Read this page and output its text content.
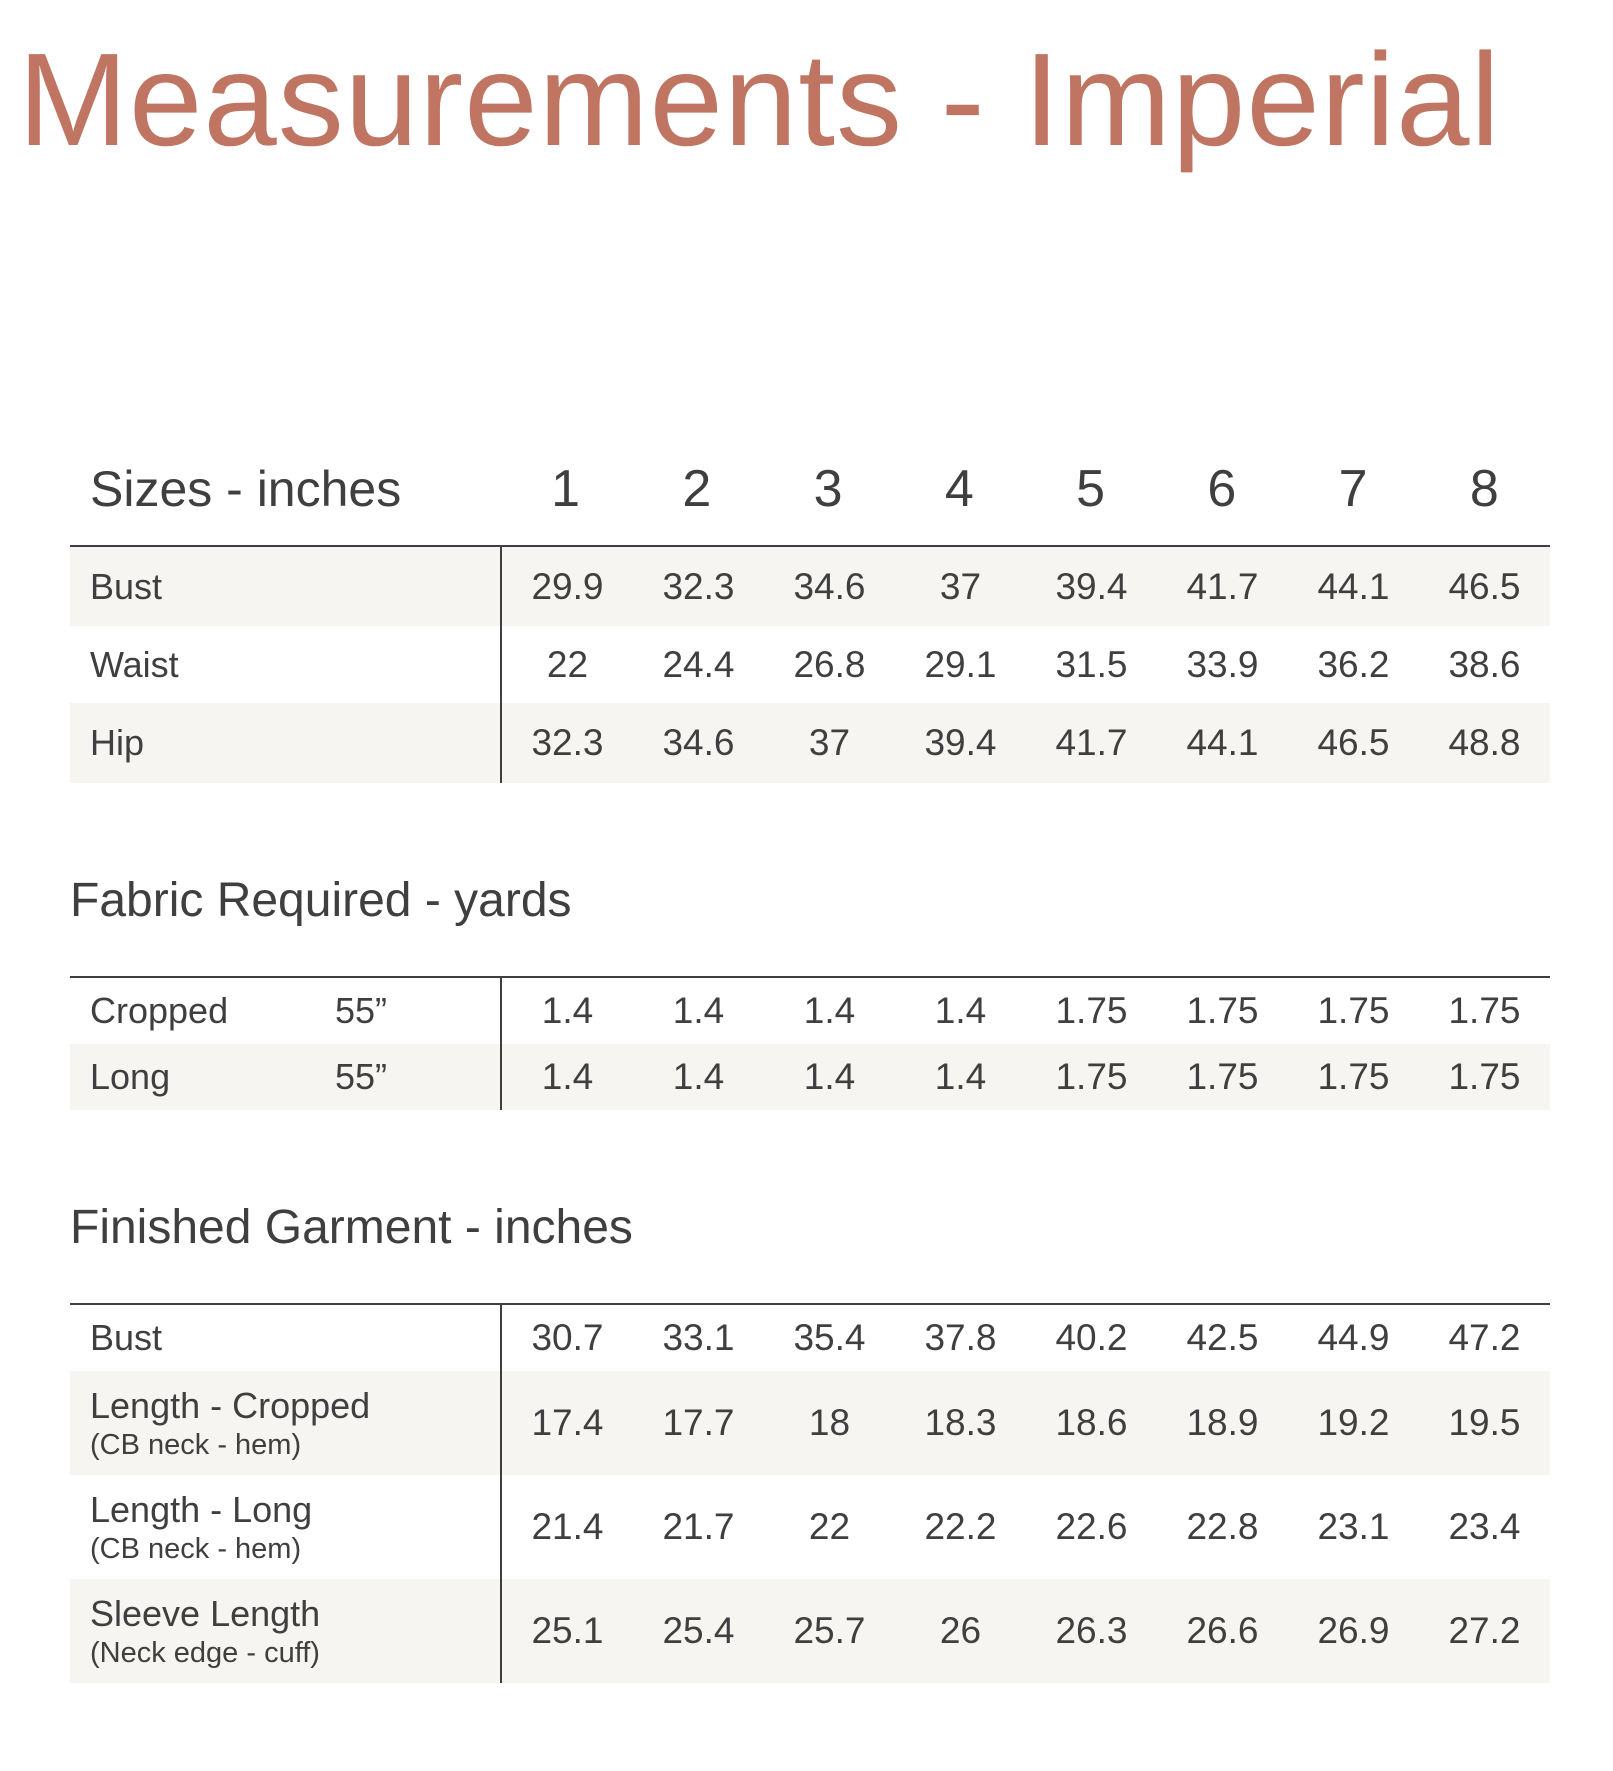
Measurements - Imperial
Sizes - inches	1	2	3	4	5	6	7	8
Bust	29.9	32.3	34.6	37	39.4	41.7	44.1	46.5
Waist	22	24.4	26.8	29.1	31.5	33.9	36.2	38.6
Hip	32.3	34.6	37	39.4	41.7	44.1	46.5	48.8
Fabric Required - yards
Cropped	55”	1.4	1.4	1.4	1.4	1.75	1.75	1.75	1.75
Long	55”	1.4	1.4	1.4	1.4	1.75	1.75	1.75	1.75
Finished Garment - inches
Bust	30.7	33.1	35.4	37.8	40.2	42.5	44.9	47.2
Length - Cropped
(CB neck - hem)
17.4	17.7	18	18.3	18.6	18.9	19.2	19.5
Length - Long
(CB neck - hem)
21.4	21.7	22	22.2	22.6	22.8	23.1	23.4
Sleeve Length
(Neck edge - cuff)
25.1	25.4	25.7	26	26.3	26.6	26.9	27.2
